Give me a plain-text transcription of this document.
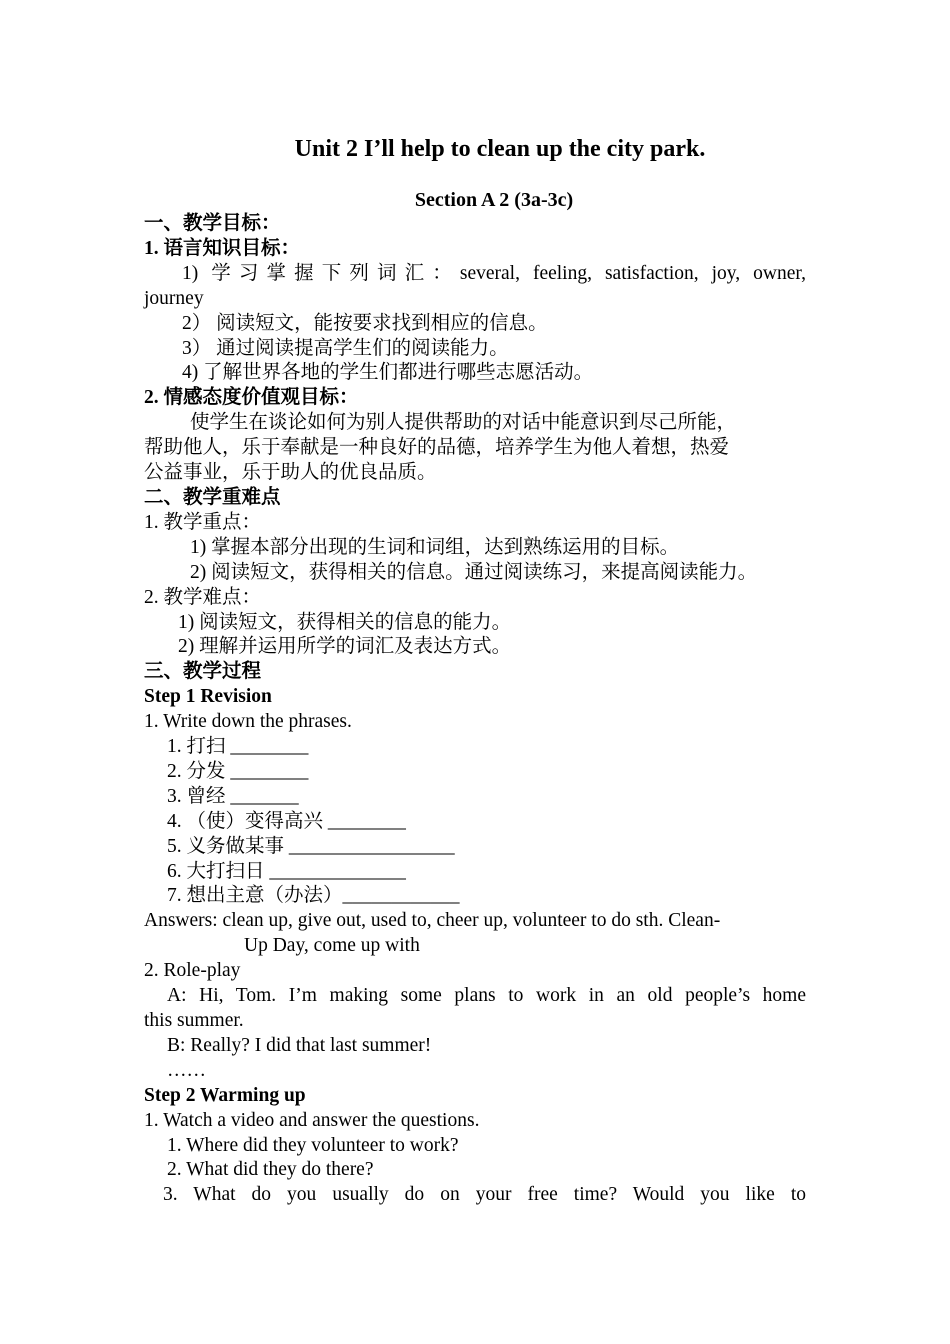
Unit 2 I’ll help to clean up the city park.
Section A 2 (3a-3c)
一、教学目标：
1. 语言知识目标：
1) 学习掌握下列词汇：several, feeling, satisfaction, joy, owner,
journey
2） 阅读短文，能按要求找到相应的信息。
3） 通过阅读提高学生们的阅读能力。
4) 了解世界各地的学生们都进行哪些志愿活动。
2. 情感态度价值观目标：
使学生在谈论如何为别人提供帮助的对话中能意识到尽己所能，
帮助他人，乐于奉献是一种良好的品德，培养学生为他人着想，热爱
公益事业，乐于助人的优良品质。
二、教学重难点
1. 教学重点：
1) 掌握本部分出现的生词和词组，达到熟练运用的目标。
2) 阅读短文，获得相关的信息。通过阅读练习，来提高阅读能力。
2. 教学难点：
1) 阅读短文，获得相关的信息的能力。
2) 理解并运用所学的词汇及表达方式。
三、教学过程
Step 1 Revision
1. Write down the phrases.
1. 打扫 ________
2. 分发 ________
3. 曾经 _______
4. （使）变得高兴 ________
5. 义务做某事 _________________
6. 大打扫日 ______________
7. 想出主意（办法）____________
Answers: clean up, give out, used to, cheer up, volunteer to do sth. Clean-
Up Day, come up with
2. Role-play
A: Hi, Tom. I’m making some plans to work in an old people’s home
this summer.
B: Really? I did that last summer!
……
Step 2 Warming up
1. Watch a video and answer the questions.
1. Where did they volunteer to work?
2. What did they do there?
3. What do you usually do on your free time? Would you like to
